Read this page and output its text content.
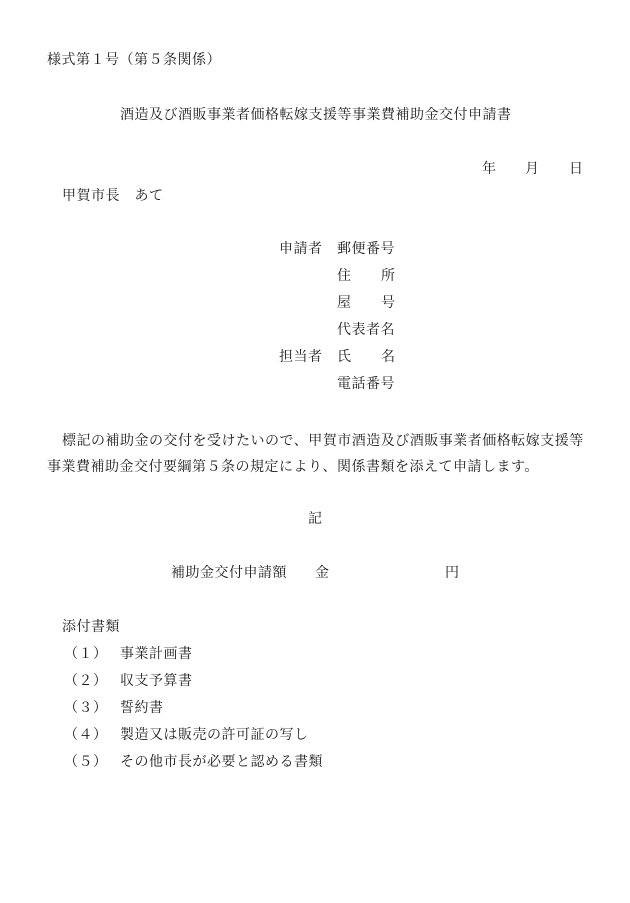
様式第１号（第５条関係）
酒造及び酒販事業者価格転嫁支援等事業費補助金交付申請書
年 月 日
甲賀市長　あて
申請者 郵便番号
住 所
屋 号
代表者名
担当者 氏 名
電話番号
標記の補助金の交付を受けたいので、甲賀市酒造及び酒販事業者価格転嫁支援等
事業費補助金交付要綱第５条の規定により、関係書類を添えて申請します。
記
補助金交付申請額 金	円
添付書類
（１） 事業計画書
（２） 収支予算書
（３） 誓約書
（４） 製造又は販売の許可証の写し
（５） その他市長が必要と認める書類
